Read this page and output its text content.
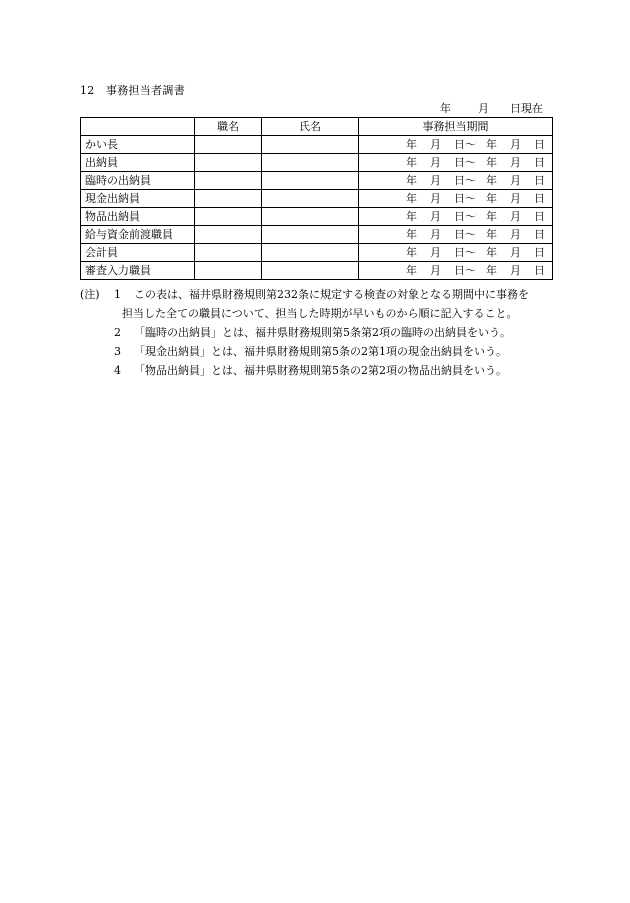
12　事務担当者調書
年 月 日現在
	職名	氏名	事務担当期間
かい長			年 月 日～ 年 月 日
出納員			年 月 日～ 年 月 日
臨時の出納員			年 月 日～ 年 月 日
現金出納員			年 月 日～ 年 月 日
物品出納員			年 月 日～ 年 月 日
給与資金前渡職員			年 月 日～ 年 月 日
会計員			年 月 日～ 年 月 日
審査入力職員			年 月 日～ 年 月 日
(注) 1 この表は、福井県財務規則第232条に規定する検査の対象となる期間中に事務を
担当した全ての職員について、担当した時期が早いものから順に記入すること。
2 「臨時の出納員」とは、福井県財務規則第5条第2項の臨時の出納員をいう。
3 「現金出納員」とは、福井県財務規則第5条の2第1項の現金出納員をいう。
4 「物品出納員」とは、福井県財務規則第5条の2第2項の物品出納員をいう。
